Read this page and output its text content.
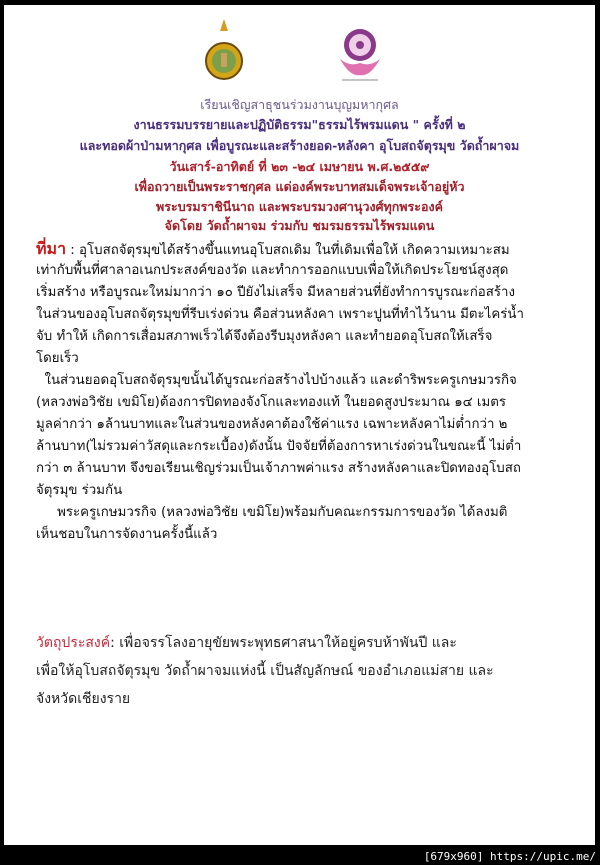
เรียนเชิญสาธุชนร่วมงานบุญมหากุศล
งานธรรมบรรยายและปฏิบัติธรรม"ธรรมไร้พรมแดน " ครั้งที่ ๒
และทอดผ้าป่ามหากุศล เพื่อบูรณะและสร้างยอด-หลังคา อุโบสถจัตุรมุข วัดถ้ำผาจม
วันเสาร์-อาทิตย์ ที่ ๒๓ -๒๔ เมษายน พ.ศ.๒๕๕๙
เพื่อถวายเป็นพระราชกุศล แด่องค์พระบาทสมเด็จพระเจ้าอยู่หัว
พระบรมราชินีนาถ และพระบรมวงศานุวงศ์ทุกพระองค์
จัดโดย วัดถ้ำผาจม ร่วมกับ ชมรมธรรมไร้พรมแดน
ที่มา : อุโบสถจัตุรมุขได้สร้างขึ้นแทนอุโบสถเดิม ในที่เดิมเพื่อให้ เกิดความเหมาะสม
เท่ากับพื้นที่ศาลาอเนกประสงค์ของวัด และทำการออกแบบเพื่อให้เกิดประโยชน์สูงสุด
เริ่มสร้าง หรือบูรณะใหม่มากว่า ๑๐ ปียังไม่เสร็จ มีหลายส่วนที่ยังทำการบูรณะก่อสร้าง
ในส่วนของอุโบสถจัตุรมุขที่รีบเร่งด่วน คือส่วนหลังคา เพราะปูนที่ทำไว้นาน มีตะไคร่น้ำ
จับ ทำให้ เกิดการเสื่อมสภาพเร็วได้จึงต้องรีบมุงหลังคา และทำยอดอุโบสถให้เสร็จ
โดยเร็ว
ในส่วนยอดอุโบสถจัตุรมุขนั้นได้บูรณะก่อสร้างไปบ้างแล้ว และดำริพระครูเกษมวรกิจ
(หลวงพ่อวิชัย เขมิโย)ต้องการปิดทองจังโกและทองแท้ ในยอดสูงประมาณ ๑๔ เมตร
มูลค่ากว่า ๑ล้านบาทและในส่วนของหลังคาต้องใช้ค่าแรง เฉพาะหลังคาไม่ต่ำกว่า ๒
ล้านบาท(ไม่รวมค่าวัสดุและกระเบื้อง)ดังนั้น ปัจจัยที่ต้องการหาเร่งด่วนในขณะนี้ ไม่ต่ำ
กว่า ๓ ล้านบาท จึงขอเรียนเชิญร่วมเป็นเจ้าภาพค่าแรง สร้างหลังคาและปิดทองอุโบสถ
จัตุรมุข ร่วมกัน
พระครูเกษมวรกิจ (หลวงพ่อวิชัย เขมิโย)พร้อมกับคณะกรรมการของวัด ได้ลงมติ
เห็นชอบในการจัดงานครั้งนี้แล้ว
วัตถุประสงค์: เพื่อจรรโลงอายุขัยพระพุทธศาสนาให้อยู่ครบห้าพันปี และ
เพื่อให้อุโบสถจัตุรมุข วัดถ้ำผาจมแห่งนี้ เป็นสัญลักษณ์ ของอำเภอแม่สาย และ
จังหวัดเชียงราย
[679x960] https://upic.me/
